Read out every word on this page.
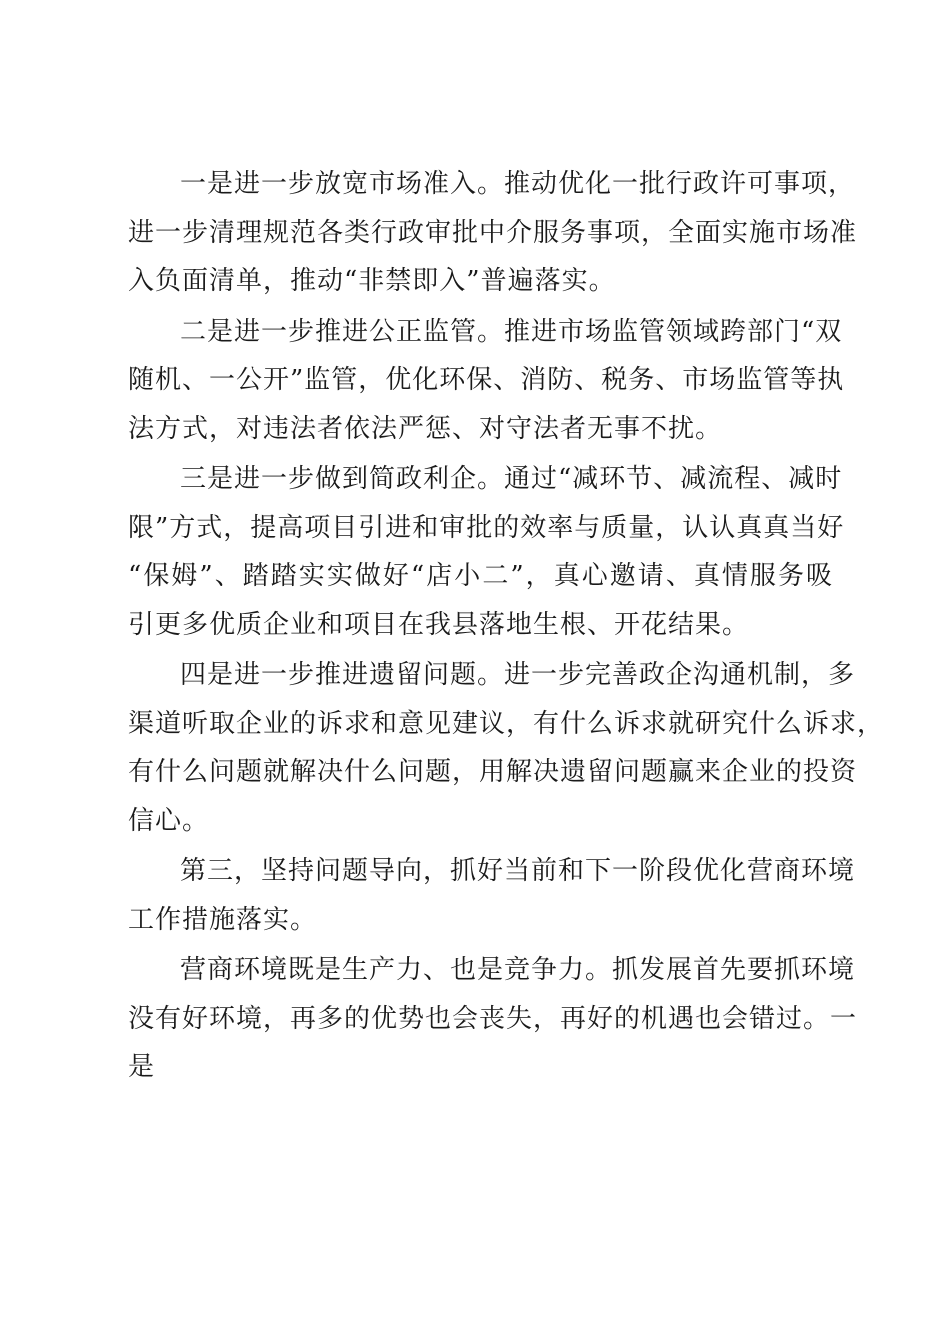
一是进一步放宽市场准入。推动优化一批行政许可事项，
进一步清理规范各类行政审批中介服务事项，全面实施市场准
入负面清单，推动“非禁即入”普遍落实。
二是进一步推进公正监管。推进市场监管领域跨部门“双
随机、一公开”监管，优化环保、消防、税务、市场监管等执
法方式，对违法者依法严惩、对守法者无事不扰。
三是进一步做到简政利企。通过“减环节、减流程、减时
限”方式，提高项目引进和审批的效率与质量，认认真真当好
“保姆”、踏踏实实做好“店小二”，真心邀请、真情服务吸
引更多优质企业和项目在我县落地生根、开花结果。
四是进一步推进遗留问题。进一步完善政企沟通机制，多
渠道听取企业的诉求和意见建议，有什么诉求就研究什么诉求，
有什么问题就解决什么问题，用解决遗留问题赢来企业的投资
信心。
第三，坚持问题导向，抓好当前和下一阶段优化营商环境
工作措施落实。
营商环境既是生产力、也是竞争力。抓发展首先要抓环境
没有好环境，再多的优势也会丧失，再好的机遇也会错过。一
是
